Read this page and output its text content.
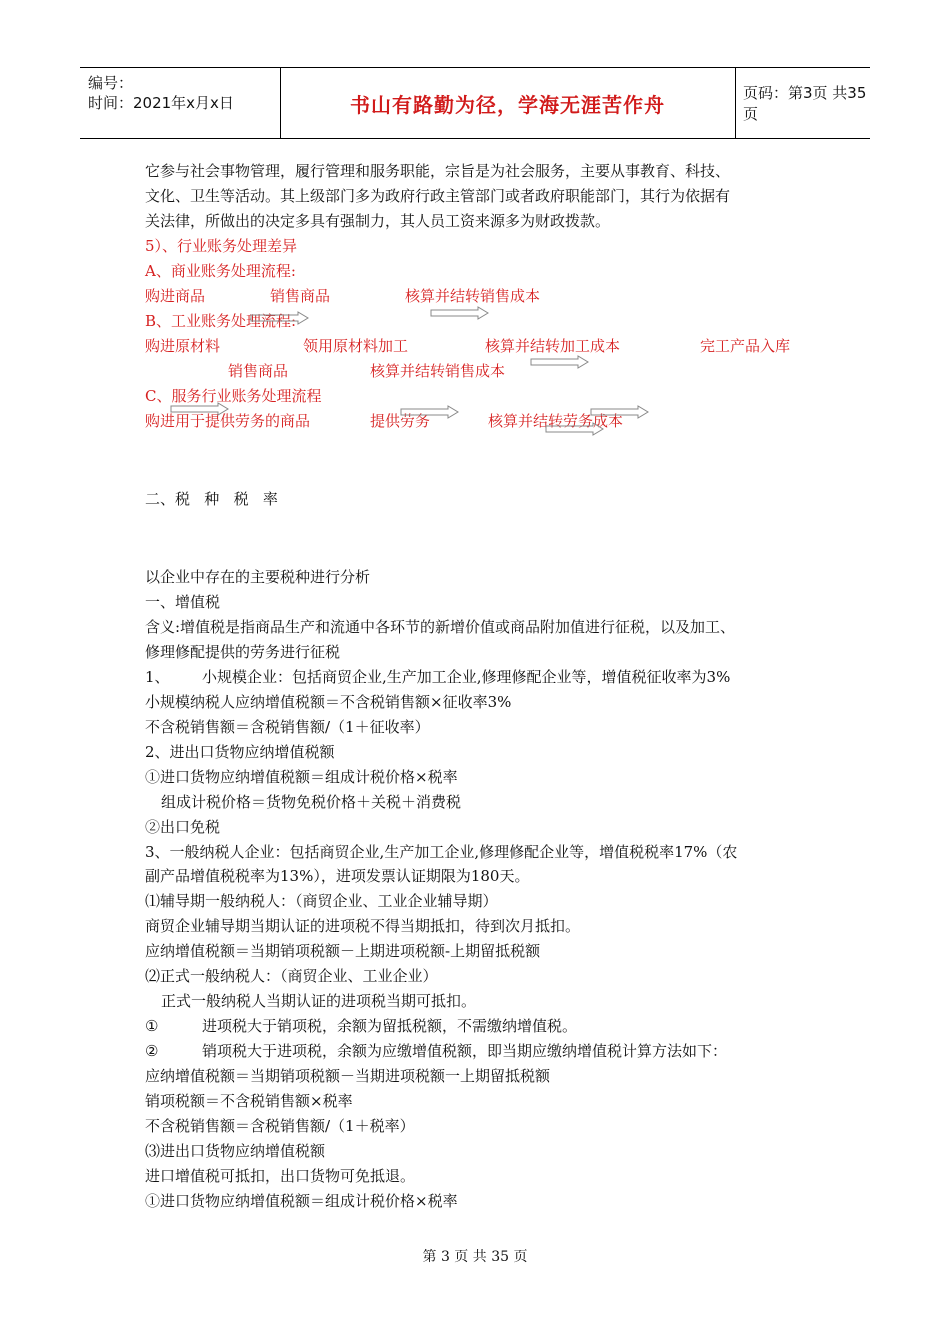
编号：
时间：2021年x月x日	书山有路勤为径，学海无涯苦作舟	页码：第3页 共35页
它参与社会事物管理，履行管理和服务职能，宗旨是为社会服务，主要从事教育、科技、
文化、卫生等活动。其上级部门多为政府行政主管部门或者政府职能部门，其行为依据有
关法律，所做出的决定多具有强制力，其人员工资来源多为财政拨款。
5）、行业账务处理差异
A、商业账务处理流程:
购进商品	销售商品	核算并结转销售成本
B、工业账务处理流程:
购进原材料	领用原材料加工	核算并结转加工成本	完工产品入库
销售商品	核算并结转销售成本
C、服务行业账务处理流程
购进用于提供劳务的商品	提供劳务	核算并结转劳务成本
二、税   种   税   率
以企业中存在的主要税种进行分析
一、增值税
含义:增值税是指商品生产和流通中各环节的新增价值或商品附加值进行征税，以及加工、
修理修配提供的劳务进行征税
1、 小规模企业：包括商贸企业,生产加工企业,修理修配企业等，增值税征收率为3%
小规模纳税人应纳增值税额＝不含税销售额×征收率3%
不含税销售额＝含税销售额/（1＋征收率）
2、进出口货物应纳增值税额
①进口货物应纳增值税额＝组成计税价格×税率
组成计税价格＝货物免税价格＋关税＋消费税
②出口免税
3、一般纳税人企业：包括商贸企业,生产加工企业,修理修配企业等，增值税税率17%（农
副产品增值税税率为13%），进项发票认证期限为180天。
⑴辅导期一般纳税人：（商贸企业、工业企业辅导期）
商贸企业辅导期当期认证的进项税不得当期抵扣，待到次月抵扣。
应纳增值税额＝当期销项税额－上期进项税额-上期留抵税额
⑵正式一般纳税人：（商贸企业、工业企业）
正式一般纳税人当期认证的进项税当期可抵扣。
①	进项税大于销项税，余额为留抵税额，不需缴纳增值税。
②	销项税大于进项税，余额为应缴增值税额，即当期应缴纳增值税计算方法如下：
应纳增值税额＝当期销项税额－当期进项税额一上期留抵税额
销项税额＝不含税销售额×税率
不含税销售额＝含税销售额/（1＋税率）
⑶进出口货物应纳增值税额
进口增值税可抵扣，出口货物可免抵退。
①进口货物应纳增值税额＝组成计税价格×税率
第 3 页 共 35 页
